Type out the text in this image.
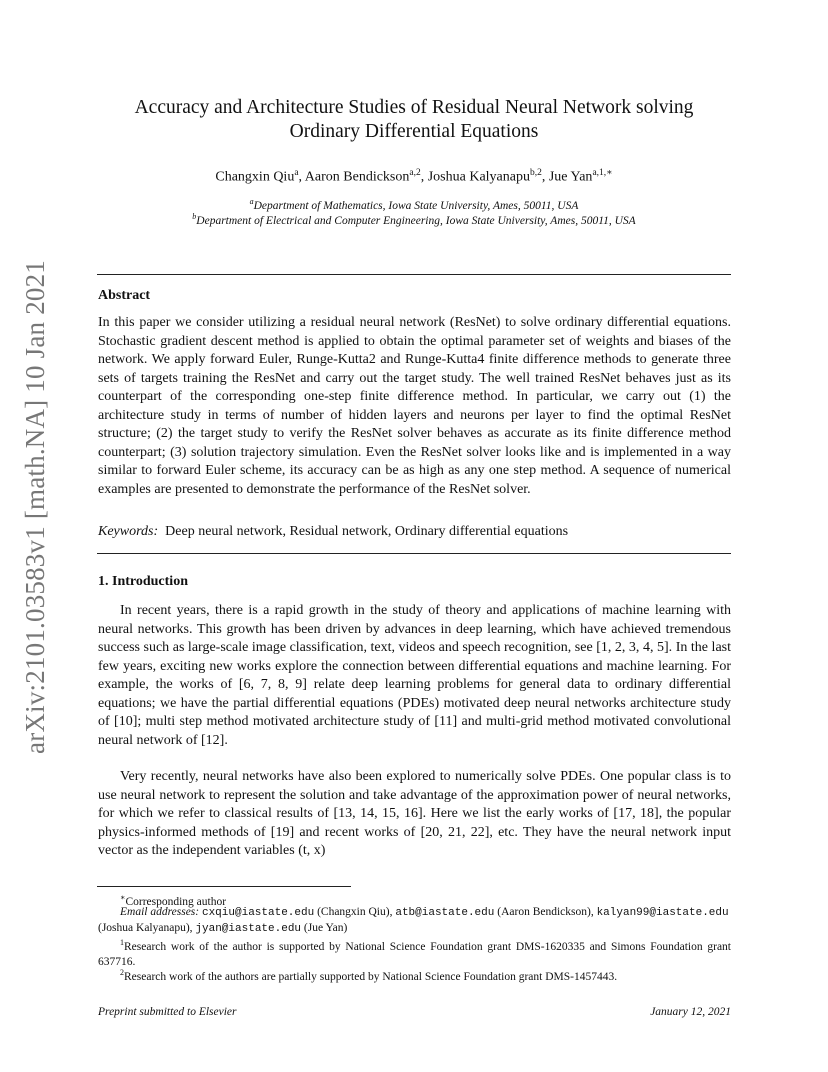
arXiv:2101.03583v1 [math.NA] 10 Jan 2021
Accuracy and Architecture Studies of Residual Neural Network solving
Ordinary Differential Equations
Changxin Qiu$^a$, Aaron Bendickson$^{a,2}$, Joshua Kalyanapu$^{b,2}$, Jue Yan$^{a,1,∗}$
$^a$Department of Mathematics, Iowa State University, Ames, 50011, USA
$^b$Department of Electrical and Computer Engineering, Iowa State University, Ames, 50011, USA
Abstract

In this paper we consider utilizing a residual neural network (ResNet) to solve ordinary differential equations. Stochastic gradient descent method is applied to obtain the optimal parameter set of weights and biases of the network. We apply forward Euler, Runge-Kutta2 and Runge-Kutta4 finite difference methods to generate three sets of targets training the ResNet and carry out the target study. The well trained ResNet behaves just as its counterpart of the corresponding one-step finite difference method. In particular, we carry out (1) the architecture study in terms of number of hidden layers and neurons per layer to find the optimal ResNet structure; (2) the target study to verify the ResNet solver behaves as accurate as its finite difference method counterpart; (3) solution trajectory simulation. Even the ResNet solver looks like and is implemented in a way similar to forward Euler scheme, its accuracy can be as high as any one step method. A sequence of numerical examples are presented to demonstrate the performance of the ResNet solver.

Keywords: Deep neural network, Residual network, Ordinary differential equations
1. Introduction

In recent years, there is a rapid growth in the study of theory and applications of machine learning with neural networks. This growth has been driven by advances in deep learning, which have achieved tremendous success such as large-scale image classification, text, videos and speech recognition, see [1, 2, 3, 4, 5]. In the last few years, exciting new works explore the connection between differential equations and machine learning. For example, the works of [6, 7, 8, 9] relate deep learning problems for general data to ordinary differential equations; we have the partial differential equations (PDEs) motivated deep neural networks architecture study of [10]; multi step method motivated architecture study of [11] and multi-grid method motivated convolutional neural network of [12].

Very recently, neural networks have also been explored to numerically solve PDEs. One popular class is to use neural network to represent the solution and take advantage of the approximation power of neural networks, for which we refer to classical results of [13, 14, 15, 16]. Here we list the early works of [17, 18], the popular physics-informed methods of [19] and recent works of [20, 21, 22], etc. They have the neural network input vector as the independent variables (t, x)

∗Corresponding author

Email addresses: cxqiu@iastate.edu (Changxin Qiu), atb@iastate.edu (Aaron Bendickson), kalyan99@iastate.edu (Joshua Kalyanapu), jyan@iastate.edu (Jue Yan)

$^1$Research work of the author is supported by National Science Foundation grant DMS-1620335 and Simons Foundation grant 637716.

$^2$Research work of the authors are partially supported by National Science Foundation grant DMS-1457443.

Preprint submitted to Elsevier	January 12, 2021
